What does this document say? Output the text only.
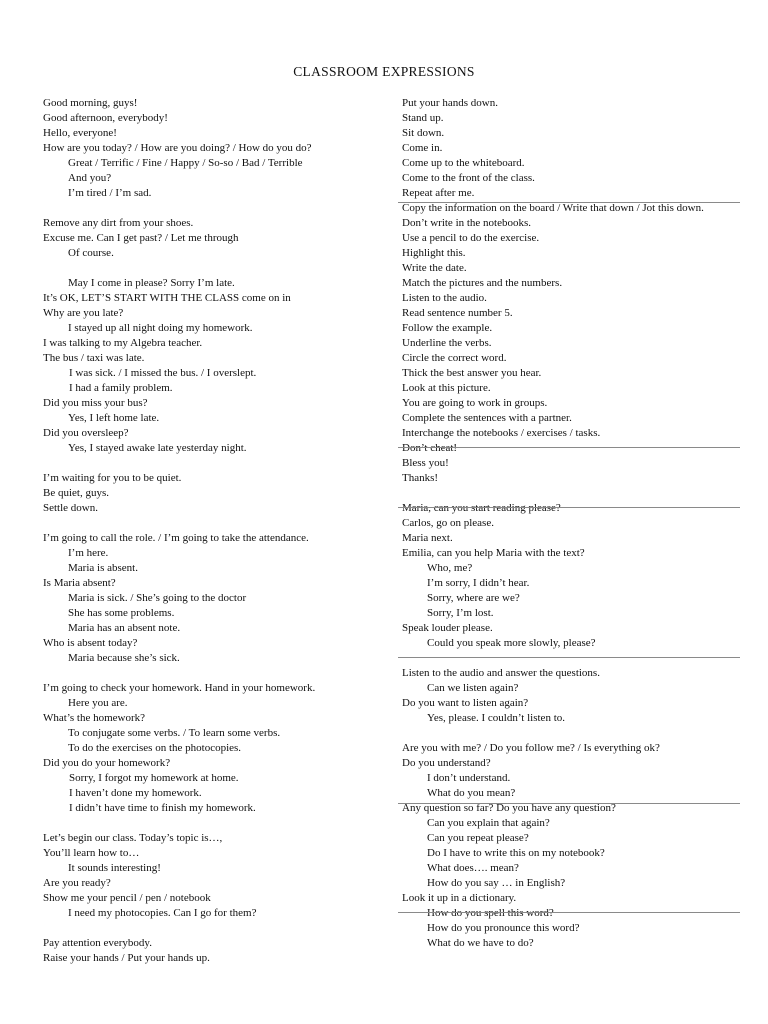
CLASSROOM EXPRESSIONS
Good morning, guys!
Good afternoon, everybody!
Hello, everyone!
How are you today? / How are you doing? / How do you do?
Great / Terrific / Fine / Happy / So-so / Bad / Terrible
And you?
I’m tired / I’m sad.
Remove any dirt from your shoes.
Excuse me. Can I get past? / Let me through
Of course.
May I come in please? Sorry I’m late.
It’s OK, LET’S START WITH THE CLASS come on in
Why are you late?
I stayed up all night doing my homework.
I was talking to my Algebra teacher.
The bus / taxi was late.
I was sick. / I missed the bus. / I overslept.
I had a family problem.
Did you miss your bus?
Yes, I left home late.
Did you oversleep?
Yes, I stayed awake late yesterday night.
I’m waiting for you to be quiet.
Be quiet, guys.
Settle down.
I’m going to call the role. / I’m going to take the attendance.
I’m here.
Maria is absent.
Is Maria absent?
Maria is sick. / She’s going to the doctor
She has some problems.
Maria has an absent note.
Who is absent today?
Maria because she’s sick.
I’m going to check your homework. Hand in your homework.
Here you are.
What’s the homework?
To conjugate some verbs. / To learn some verbs.
To do the exercises on the photocopies.
Did you do your homework?
Sorry, I forgot my homework at home.
I haven’t done my homework.
I didn’t have time to finish my homework.
Let’s begin our class. Today’s topic is…,
You’ll learn how to…
It sounds interesting!
Are you ready?
Show me your pencil / pen / notebook
I need my photocopies. Can I go for them?
Pay attention everybody.
Raise your hands / Put your hands up.
Put your hands down.
Stand up.
Sit down.
Come in.
Come up to the whiteboard.
Come to the front of the class.
Repeat after me.
Copy the information on the board / Write that down / Jot this down.
Don’t write in the notebooks.
Use a pencil to do the exercise.
Highlight this.
Write the date.
Match the pictures and the numbers.
Listen to the audio.
Read sentence number 5.
Follow the example.
Underline the verbs.
Circle the correct word.
Thick the best answer you hear.
Look at this picture.
You are going to work in groups.
Complete the sentences with a partner.
Interchange the notebooks / exercises / tasks.
Don’t cheat!
Bless you!
Thanks!
Maria, can you start reading please?
Carlos, go on please.
Maria next.
Emilia, can you help Maria with the text?
Who, me?
I’m sorry, I didn’t hear.
Sorry, where are we?
Sorry, I’m lost.
Speak louder please.
Could you speak more slowly, please?
Listen to the audio and answer the questions.
Can we listen again?
Do you want to listen again?
Yes, please. I couldn’t listen to.
Are you with me? / Do you follow me? / Is everything ok?
Do you understand?
I don’t understand.
What do you mean?
Any question so far? Do you have any question?
Can you explain that again?
Can you repeat please?
Do I have to write this on my notebook?
What does…. mean?
How do you say … in English?
Look it up in a dictionary.
How do you spell this word?
How do you pronounce this word?
What do we have to do?
